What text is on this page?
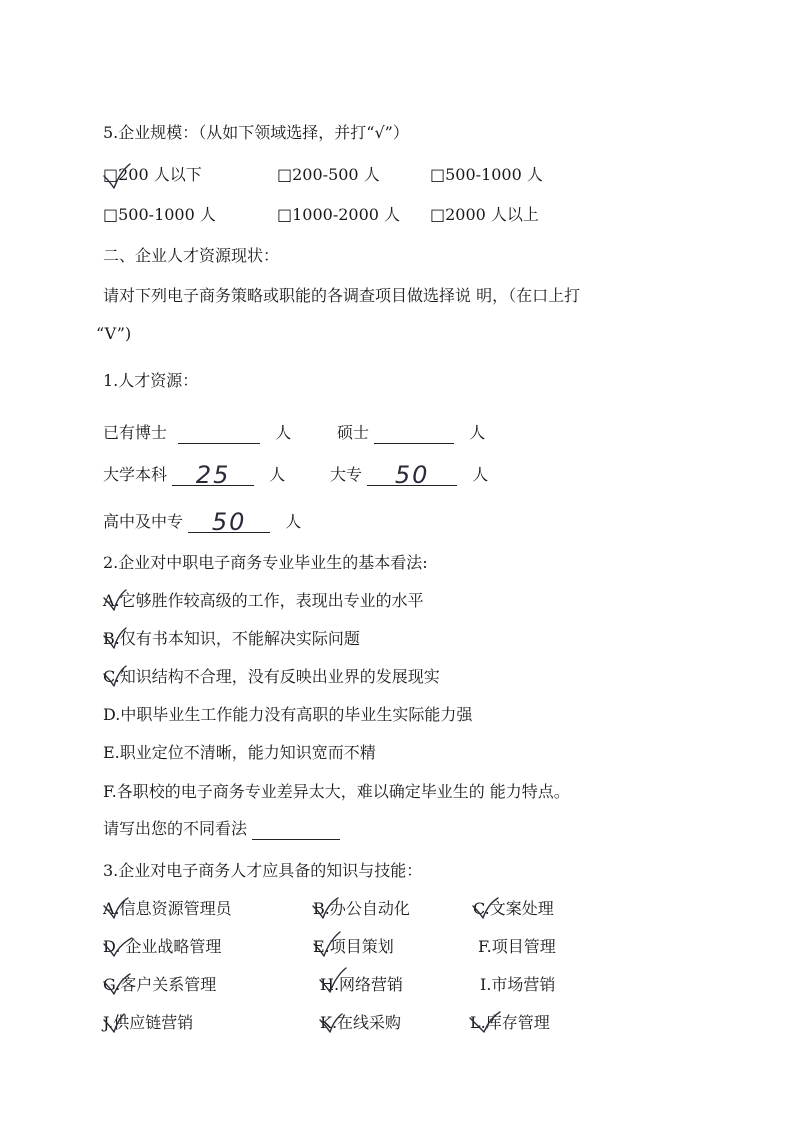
5.企业规模：（从如下领域选择，并打“√”）
□200 人以下	□200-500 人	□500-1000 人
□500-1000 人	□1000-2000 人 □2000 人以上
二、企业人才资源现状：
请对下列电子商务策略或职能的各调查项目做选择说 明，（在口上打
“V”)
1.人才资源：
已有博士	人	硕士	人
大学本科 25 人	大专 50	人
高中及中专 50 人
2.企业对中职电子商务专业毕业生的基本看法:
A.它够胜作较高级的工作，表现出专业的水平
B.仅有书本知识，不能解决实际问题
C.知识结构不合理，没有反映出业界的发展现实
D.中职毕业生工作能力没有高职的毕业生实际能力强
E.职业定位不清晰，能力知识宽而不精
F.各职校的电子商务专业差异太大，难以确定毕业生的 能力特点。
请写出您的不同看法
3.企业对电子商务人才应具备的知识与技能：
A.信息资源管理员	B.办公自动化	C.文案处理
D. 企业战略管理	E.项目策划	F.项目管理
G.客户关系管理	H.网络营销	I.市场营销
J.供应链营销	K.在线采购	L.库存管理
